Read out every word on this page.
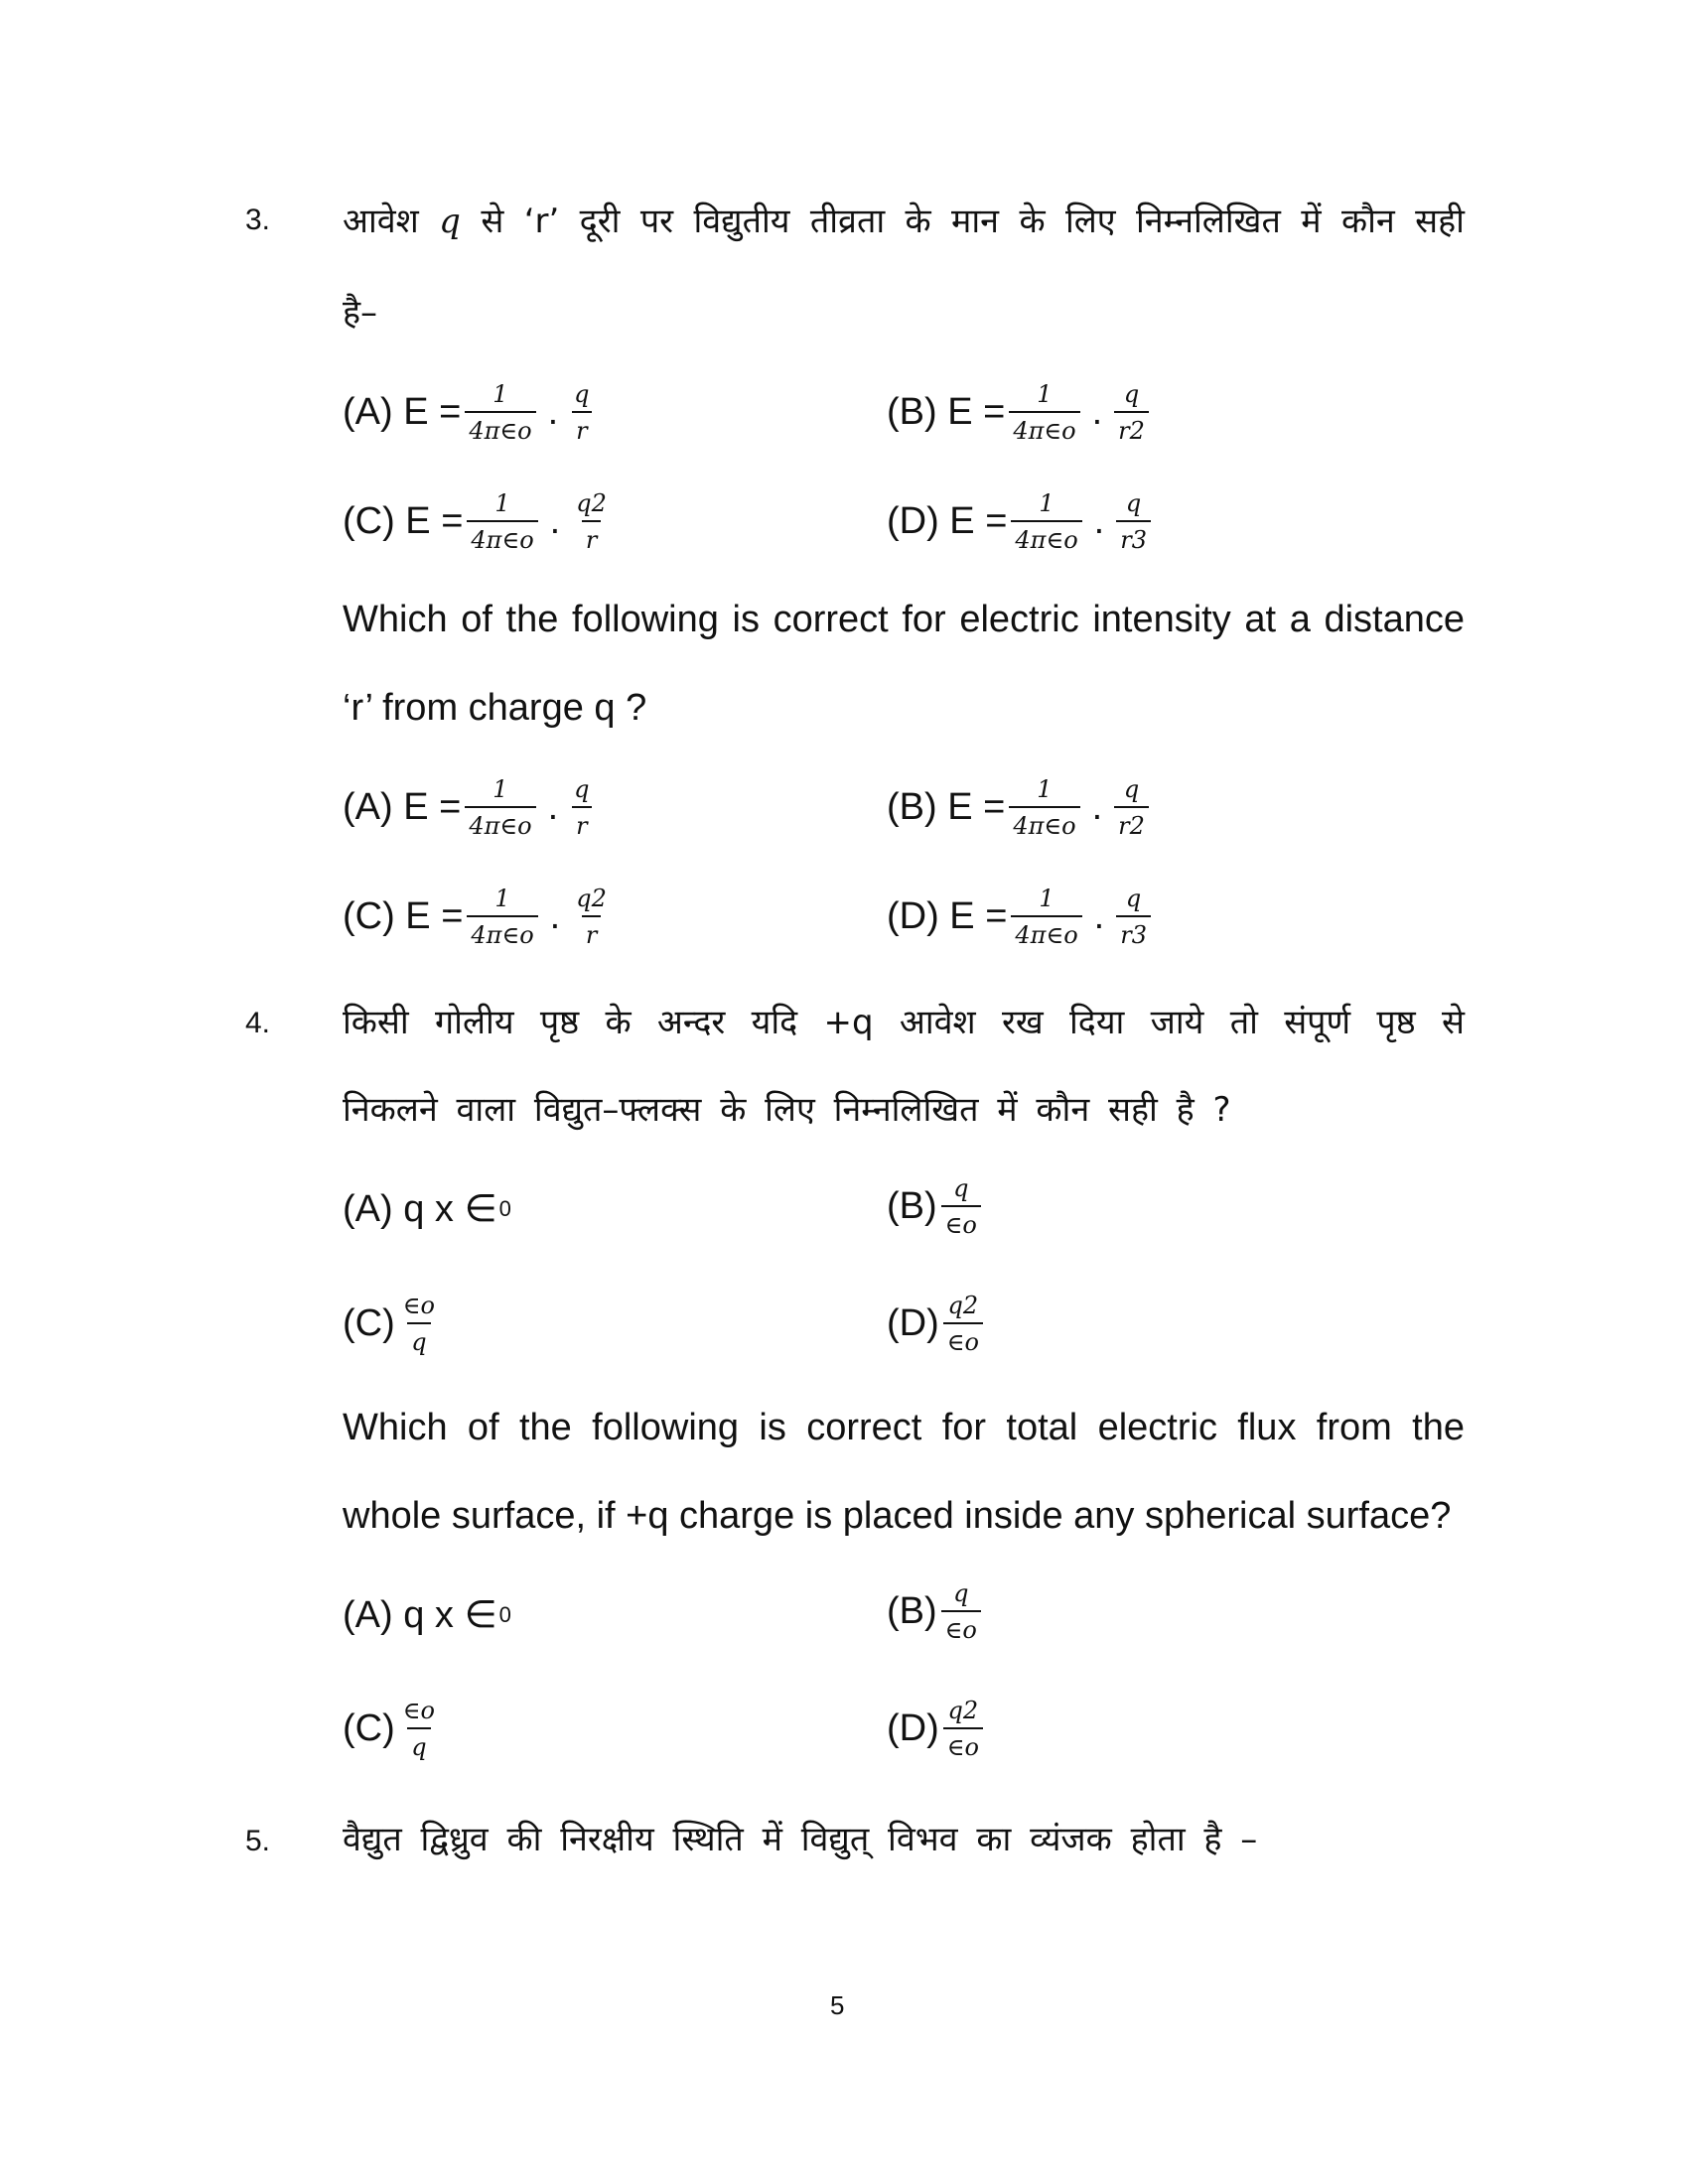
3. आवेश q से ‘r’ दूरी पर विद्युतीय तीव्रता के मान के लिए निम्नलिखित में कौन सही
है–
(A) $E = \frac{1}{4\pi\in o}$ . $\frac{q}{r}$	(B) $E = \frac{1}{4\pi\in o}$ . $\frac{q}{r2}$
(C) $E = \frac{1}{4\pi\in o}$ . $\frac{q2}{r}$	(D) $E = \frac{1}{4\pi\in o}$ . $\frac{q}{r3}$
Which of the following is correct for electric intensity at a distance
‘r’ from charge q ?
(A) $E = \frac{1}{4\pi\in o}$ . $\frac{q}{r}$	(B) $E = \frac{1}{4\pi\in o}$ . $\frac{q}{r2}$
(C) $E = \frac{1}{4\pi\in o}$ . $\frac{q2}{r}$	(D) $E = \frac{1}{4\pi\in o}$ . $\frac{q}{r3}$
4. किसी गोलीय पृष्ठ के अन्दर यदि +q आवेश रख दिया जाये तो संपूर्ण पृष्ठ से
निकलने वाला विद्युत–फ्लक्स के लिए निम्नलिखित में कौन सही है ?
(A) q x ∈ 0	$(B) \frac{q}{\in o}$
$(C) \frac{\in o}{q}$	$(D) \frac{q2}{\in o}$
Which of the following is correct for total electric flux from the
whole surface, if +q charge is placed inside any spherical surface?
(A) q x ∈ 0	$(B) \frac{q}{\in o}$
$(C) \frac{\in o}{q}$	$(D) \frac{q2}{\in o}$
5. वैद्युत द्विध्रुव की निरक्षीय स्थिति में विद्युत् विभव का व्यंजक होता है –
5
